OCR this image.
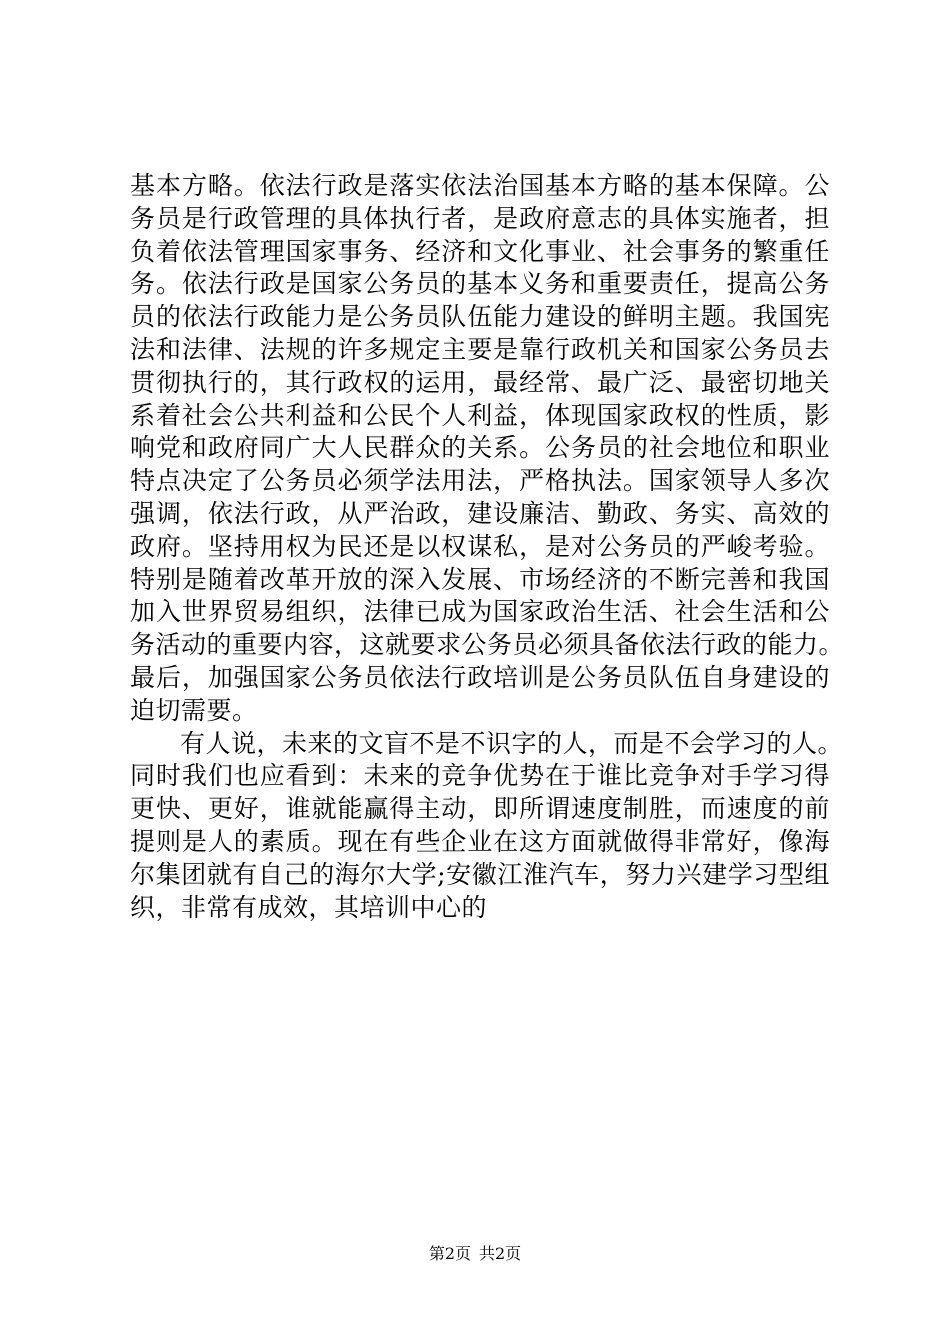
基本方略。依法行政是落实依法治国基本方略的基本保障。公
务员是行政管理的具体执行者，是政府意志的具体实施者，担
负着依法管理国家事务、经济和文化事业、社会事务的繁重任
务。依法行政是国家公务员的基本义务和重要责任，提高公务
员的依法行政能力是公务员队伍能力建设的鲜明主题。我国宪
法和法律、法规的许多规定主要是靠行政机关和国家公务员去
贯彻执行的，其行政权的运用，最经常、最广泛、最密切地关
系着社会公共利益和公民个人利益，体现国家政权的性质，影
响党和政府同广大人民群众的关系。公务员的社会地位和职业
特点决定了公务员必须学法用法，严格执法。国家领导人多次
强调，依法行政，从严治政，建设廉洁、勤政、务实、高效的
政府。坚持用权为民还是以权谋私，是对公务员的严峻考验。
特别是随着改革开放的深入发展、市场经济的不断完善和我国
加入世界贸易组织，法律已成为国家政治生活、社会生活和公
务活动的重要内容，这就要求公务员必须具备依法行政的能力。
最后，加强国家公务员依法行政培训是公务员队伍自身建设的
迫切需要。
有人说，未来的文盲不是不识字的人，而是不会学习的人。
同时我们也应看到：未来的竞争优势在于谁比竞争对手学习得
更快、更好，谁就能赢得主动，即所谓速度制胜，而速度的前
提则是人的素质。现在有些企业在这方面就做得非常好，像海
尔集团就有自己的海尔大学;安徽江淮汽车，努力兴建学习型组
织，非常有成效，其培训中心的
第2页 共2页
